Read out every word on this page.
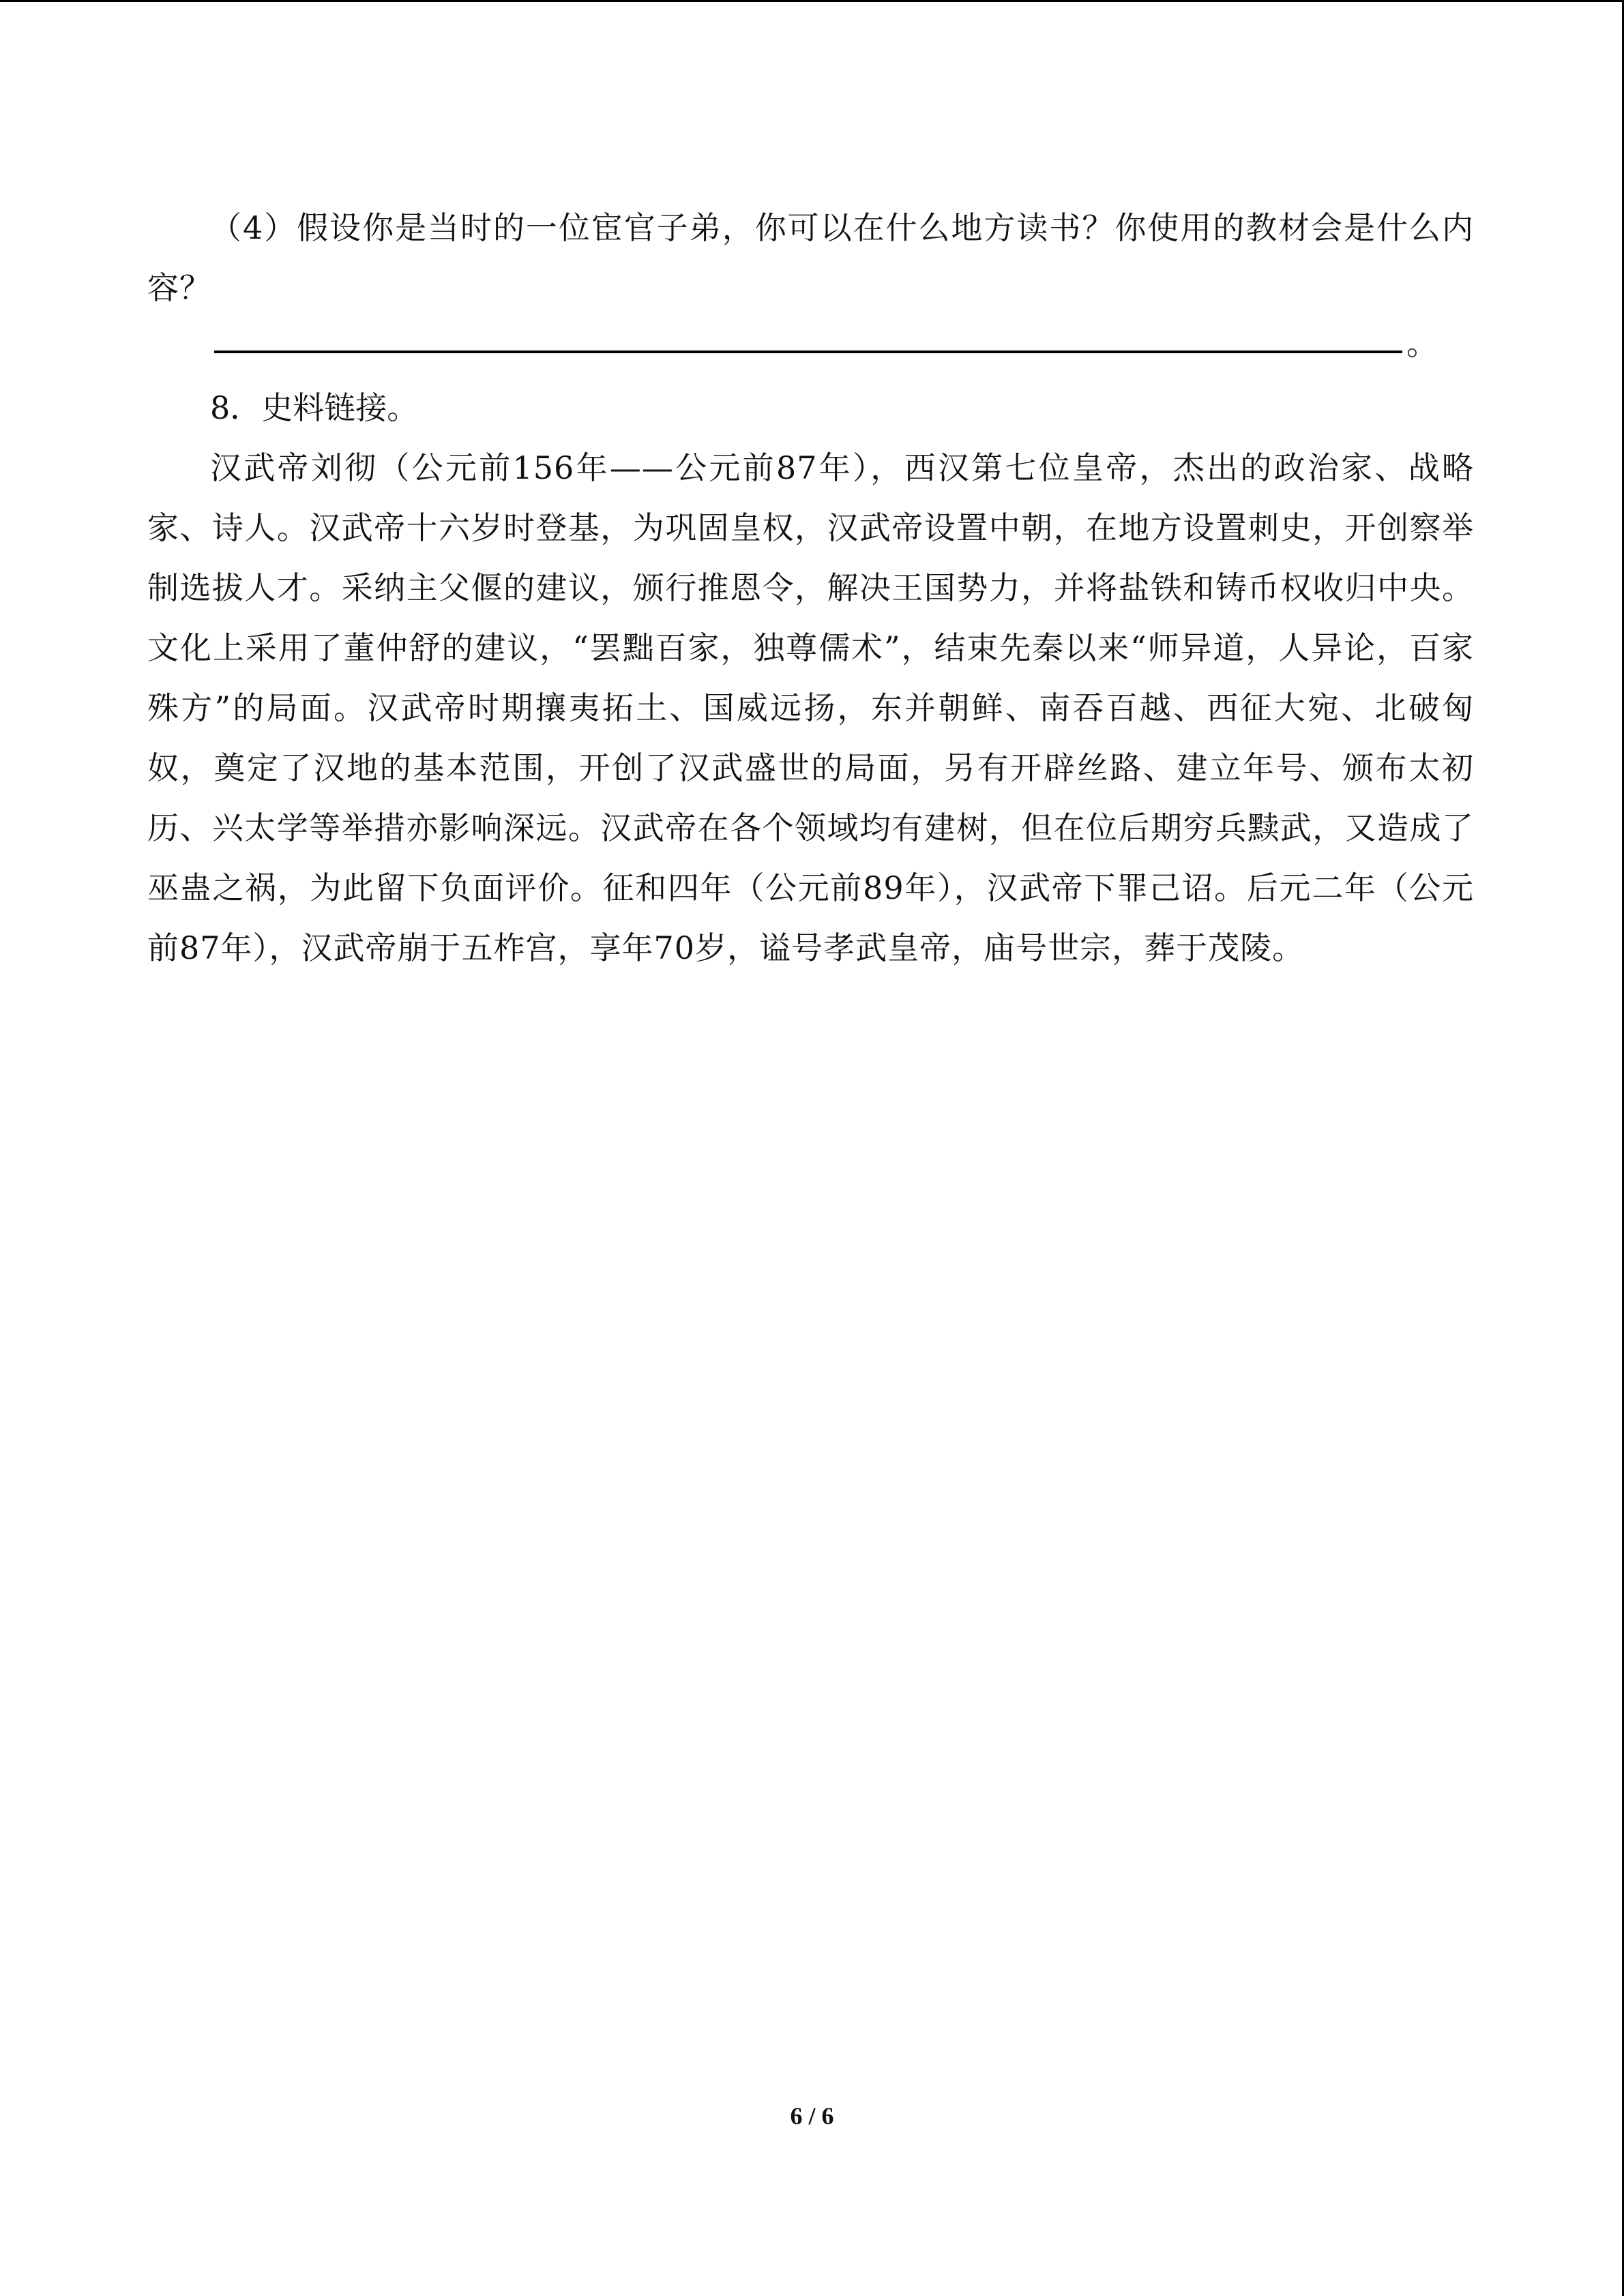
（4）假设你是当时的一位宦官子弟，你可以在什么地方读书？你使用的教材会是什么内容？

。

8．史料链接。

汉武帝刘彻（公元前156年——公元前87年），西汉第七位皇帝，杰出的政治家、战略家、诗人。汉武帝十六岁时登基，为巩固皇权，汉武帝设置中朝，在地方设置刺史，开创察举制选拔人才。采纳主父偃的建议，颁行推恩令，解决王国势力，并将盐铁和铸币权收归中央。文化上采用了董仲舒的建议，“罢黜百家，独尊儒术”，结束先秦以来“师异道，人异论，百家殊方”的局面。汉武帝时期攘夷拓土、国威远扬，东并朝鲜、南吞百越、西征大宛、北破匈奴，奠定了汉地的基本范围，开创了汉武盛世的局面，另有开辟丝路、建立年号、颁布太初历、兴太学等举措亦影响深远。汉武帝在各个领域均有建树，但在位后期穷兵黩武，又造成了巫蛊之祸，为此留下负面评价。征和四年（公元前89年），汉武帝下罪己诏。后元二年（公元前87年），汉武帝崩于五柞宫，享年70岁，谥号孝武皇帝，庙号世宗，葬于茂陵。

6 / 6
